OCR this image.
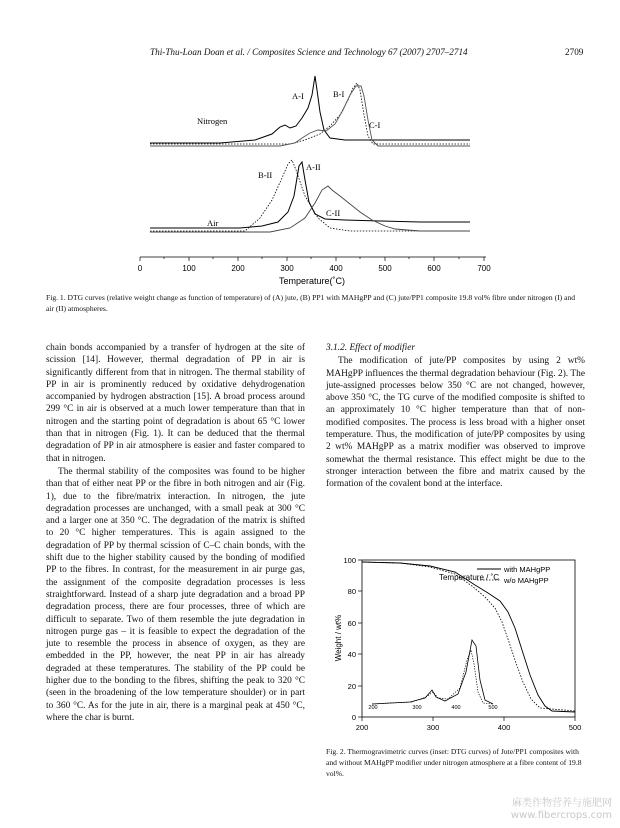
Thi-Thu-Loan Doan et al. / Composites Science and Technology 67 (2007) 2707–2714	2709
0	100	200	300	400	500	600	700
Temperature(˚C)
Nitrogen
A-I	B-I
C-I
Air
B-II
A-II
C-II
Fig. 1. DTG curves (relative weight change as function of temperature) of (A) jute, (B) PP1 with MAHgPP and (C) jute/PP1 composite 19.8 vol% fibre under nitrogen (I) and air (II) atmospheres.

chain bonds accompanied by a transfer of hydrogen at the site of scission [14]. However, thermal degradation of PP in air is significantly different from that in nitrogen. The thermal stability of PP in air is prominently reduced by oxidative dehydrogenation accompanied by hydrogen abstraction [15]. A broad process around 299 °C in air is observed at a much lower temperature than that in nitrogen and the starting point of degradation is about 65 °C lower than that in nitrogen (Fig. 1). It can be deduced that the thermal degradation of PP in air atmosphere is easier and faster compared to that in nitrogen.

The thermal stability of the composites was found to be higher than that of either neat PP or the fibre in both nitrogen and air (Fig. 1), due to the fibre/matrix interaction. In nitrogen, the jute degradation processes are unchanged, with a small peak at 300 °C and a larger one at 350 °C. The degradation of the matrix is shifted to 20 °C higher temperatures. This is again assigned to the degradation of PP by thermal scission of C–C chain bonds, with the shift due to the higher stability caused by the bonding of modified PP to the fibres. In contrast, for the measurement in air purge gas, the assignment of the composite degradation processes is less straightforward. Instead of a sharp jute degradation and a broad PP degradation process, there are four processes, three of which are difficult to separate. Two of them resemble the jute degradation in nitrogen purge gas – it is feasible to expect the degradation of the jute to resemble the process in absence of oxygen, as they are embedded in the PP, however, the neat PP in air has already degraded at these temperatures. The stability of the PP could be higher due to the bonding to the fibres, shifting the peak to 320 °C (seen in the broadening of the low temperature shoulder) or in part to 360 °C. As for the jute in air, there is a marginal peak at 450 °C, where the char is burnt.

3.1.2. Effect of modifier

The modification of jute/PP composites by using 2 wt% MAHgPP influences the thermal degradation behaviour (Fig. 2). The jute-assigned processes below 350 °C are not changed, however, above 350 °C, the TG curve of the modified composite is shifted to an approximately 10 °C higher temperature than that of non-modified composites. The process is less broad with a higher onset temperature. Thus, the modification of jute/PP composites by using 2 wt% MAHgPP as a matrix modifier was observed to improve somewhat the thermal resistance. This effect might be due to the stronger interaction between the fibre and matrix caused by the formation of the covalent bond at the interface.

100
80
60
40
20
0
200	300	400	500
Temperature / ˚C
Weight / wt%
with MAHgPP
w/o MAHgPP
200	300	400	500
Fig. 2. Thermogravimetric curves (inset: DTG curves) of Jute/PP1 composites with and without MAHgPP modifier under nitrogen atmosphere at a fibre content of 19.8 vol%.
麻类作物营养与施肥网
www.fibercrops.com
